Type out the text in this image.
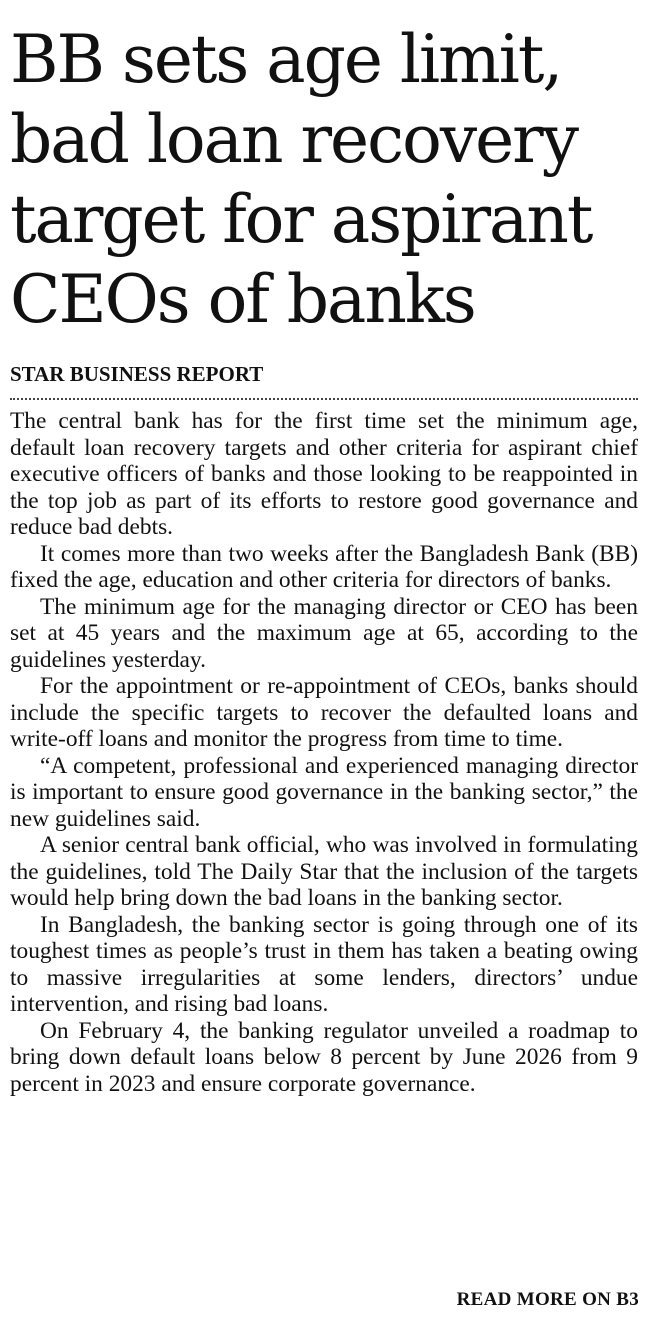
BB sets age limit,
bad loan recovery
target for aspirant
CEOs of banks
STAR BUSINESS REPORT

The central bank has for the first time set the minimum age, default loan recovery targets and other criteria for aspirant chief executive officers of banks and those looking to be reappointed in the top job as part of its efforts to restore good governance and reduce bad debts.

It comes more than two weeks after the Bangladesh Bank (BB) fixed the age, education and other criteria for directors of banks.

The minimum age for the managing director or CEO has been set at 45 years and the maximum age at 65, according to the guidelines yesterday.

For the appointment or re-appointment of CEOs, banks should include the specific targets to recover the defaulted loans and write-off loans and monitor the progress from time to time.

“A competent, professional and experienced managing director is important to ensure good governance in the banking sector,” the new guidelines said.

A senior central bank official, who was involved in formulating the guidelines, told The Daily Star that the inclusion of the targets would help bring down the bad loans in the banking sector.

In Bangladesh, the banking sector is going through one of its toughest times as people’s trust in them has taken a beating owing to massive irregularities at some lenders, directors’ undue intervention, and rising bad loans.

On February 4, the banking regulator unveiled a roadmap to bring down default loans below 8 percent by June 2026 from 9 percent in 2023 and ensure corporate governance.

READ MORE ON B3
